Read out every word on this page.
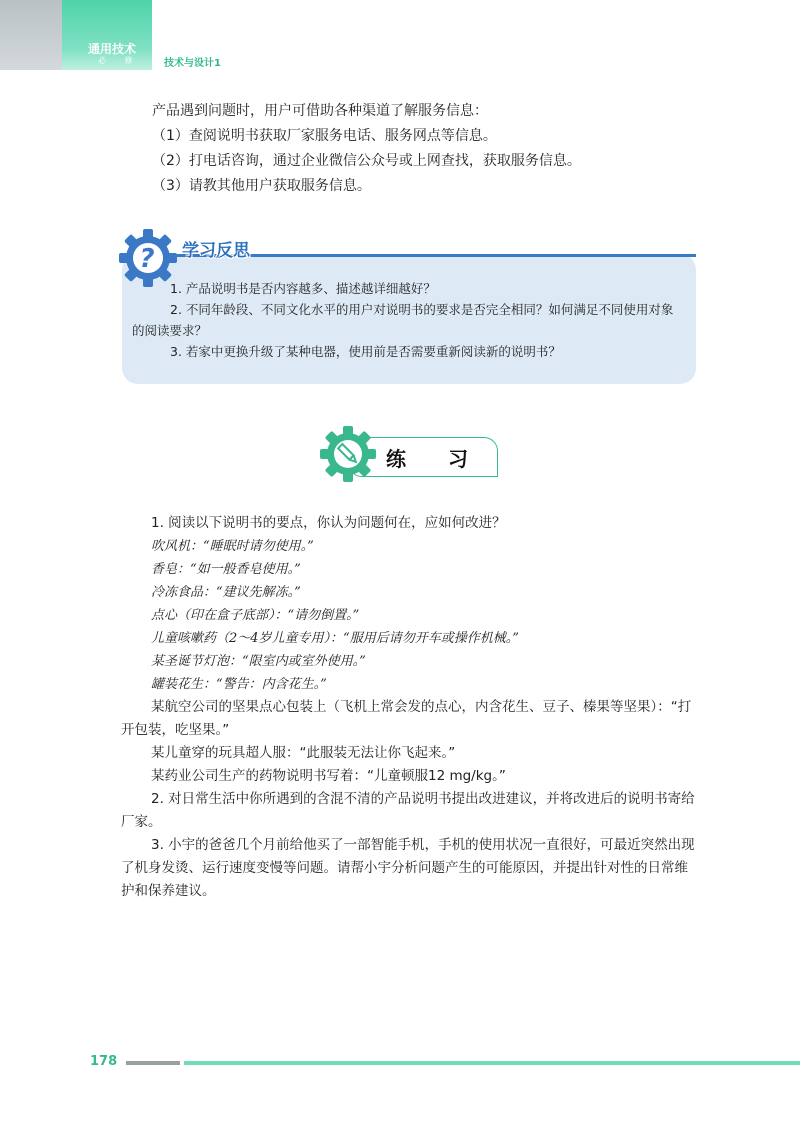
通用技术
必 修 技术与设计1
产品遇到问题时，用户可借助各种渠道了解服务信息：
（1）查阅说明书获取厂家服务电话、服务网点等信息。
（2）打电话咨询，通过企业微信公众号或上网查找，获取服务信息。
（3）请教其他用户获取服务信息。
? 学习反思
1. 产品说明书是否内容越多、描述越详细越好？
2. 不同年龄段、不同文化水平的用户对说明书的要求是否完全相同？如何满足不同使用对象的阅读要求？
3. 若家中更换升级了某种电器，使用前是否需要重新阅读新的说明书？
练习
1. 阅读以下说明书的要点，你认为问题何在，应如何改进？
吹风机：“睡眠时请勿使用。”
香皂：“如一般香皂使用。”
冷冻食品：“建议先解冻。”
点心（印在盒子底部）：“请勿倒置。”
儿童咳嗽药（2～4岁儿童专用）：“服用后请勿开车或操作机械。”
某圣诞节灯泡：“限室内或室外使用。”
罐装花生：“警告：内含花生。”
某航空公司的坚果点心包装上（飞机上常会发的点心，内含花生、豆子、榛果等坚果）：“打开包装，吃坚果。”
某儿童穿的玩具超人服：“此服装无法让你飞起来。”
某药业公司生产的药物说明书写着：“儿童顿服12 mg/kg。”
2. 对日常生活中你所遇到的含混不清的产品说明书提出改进建议，并将改进后的说明书寄给厂家。
3. 小宇的爸爸几个月前给他买了一部智能手机，手机的使用状况一直很好，可最近突然出现了机身发烫、运行速度变慢等问题。请帮小宇分析问题产生的可能原因，并提出针对性的日常维护和保养建议。
178
